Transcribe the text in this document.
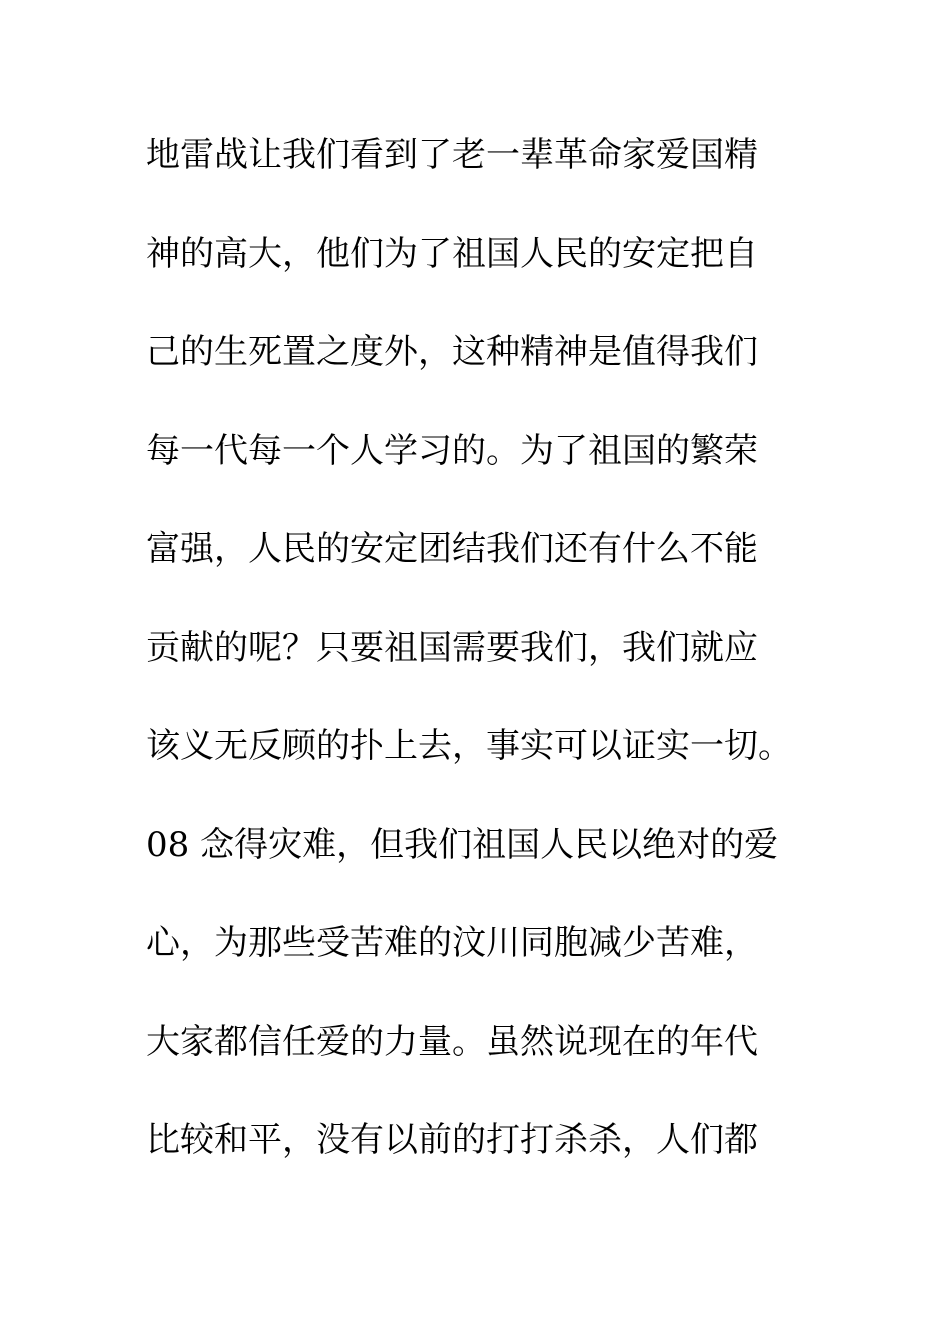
地雷战让我们看到了老一辈革命家爱国精
神的高大，他们为了祖国人民的安定把自
己的生死置之度外，这种精神是值得我们
每一代每一个人学习的。为了祖国的繁荣
富强，人民的安定团结我们还有什么不能
贡献的呢？只要祖国需要我们，我们就应
该义无反顾的扑上去，事实可以证实一切。
08 念得灾难，但我们祖国人民以绝对的爱
心，为那些受苦难的汶川同胞减少苦难，
大家都信任爱的力量。虽然说现在的年代
比较和平，没有以前的打打杀杀，人们都
